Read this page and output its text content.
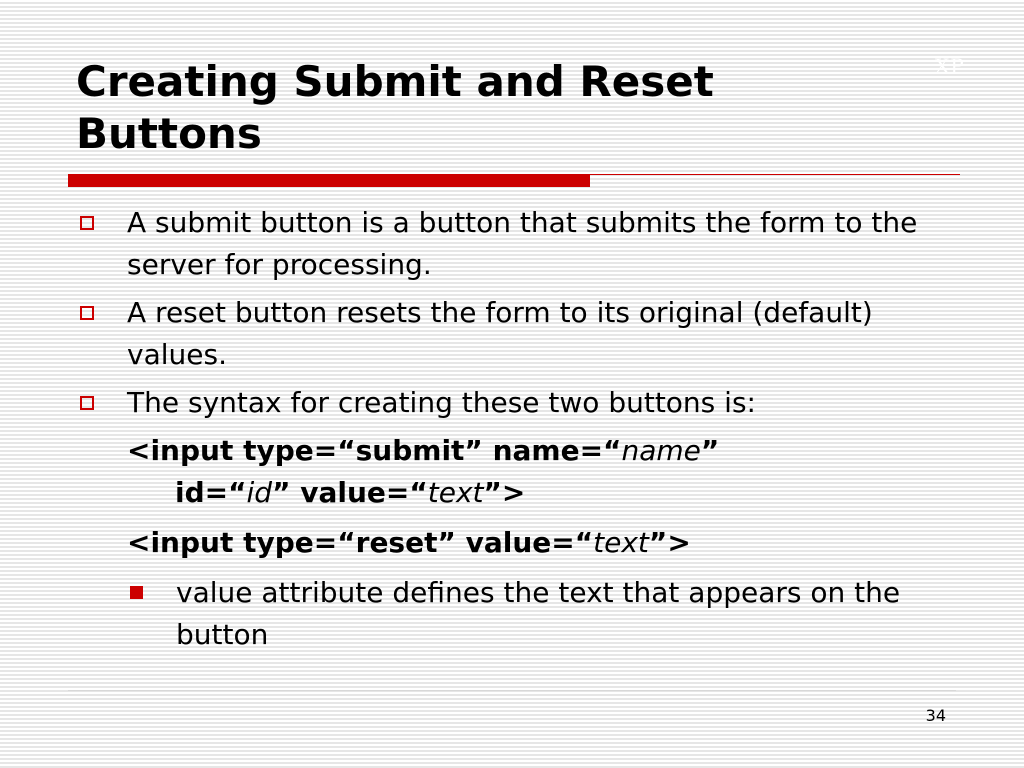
Creating Submit and Reset
Buttons
XP
A submit button is a button that submits the form to the server for processing.
A reset button resets the form to its original (default) values.
The syntax for creating these two buttons is:
<input type=“submit” name=“name”
id=“id” value=“text”>
<input type=“reset” value=“text”>
value attribute defines the text that appears on the button
34
